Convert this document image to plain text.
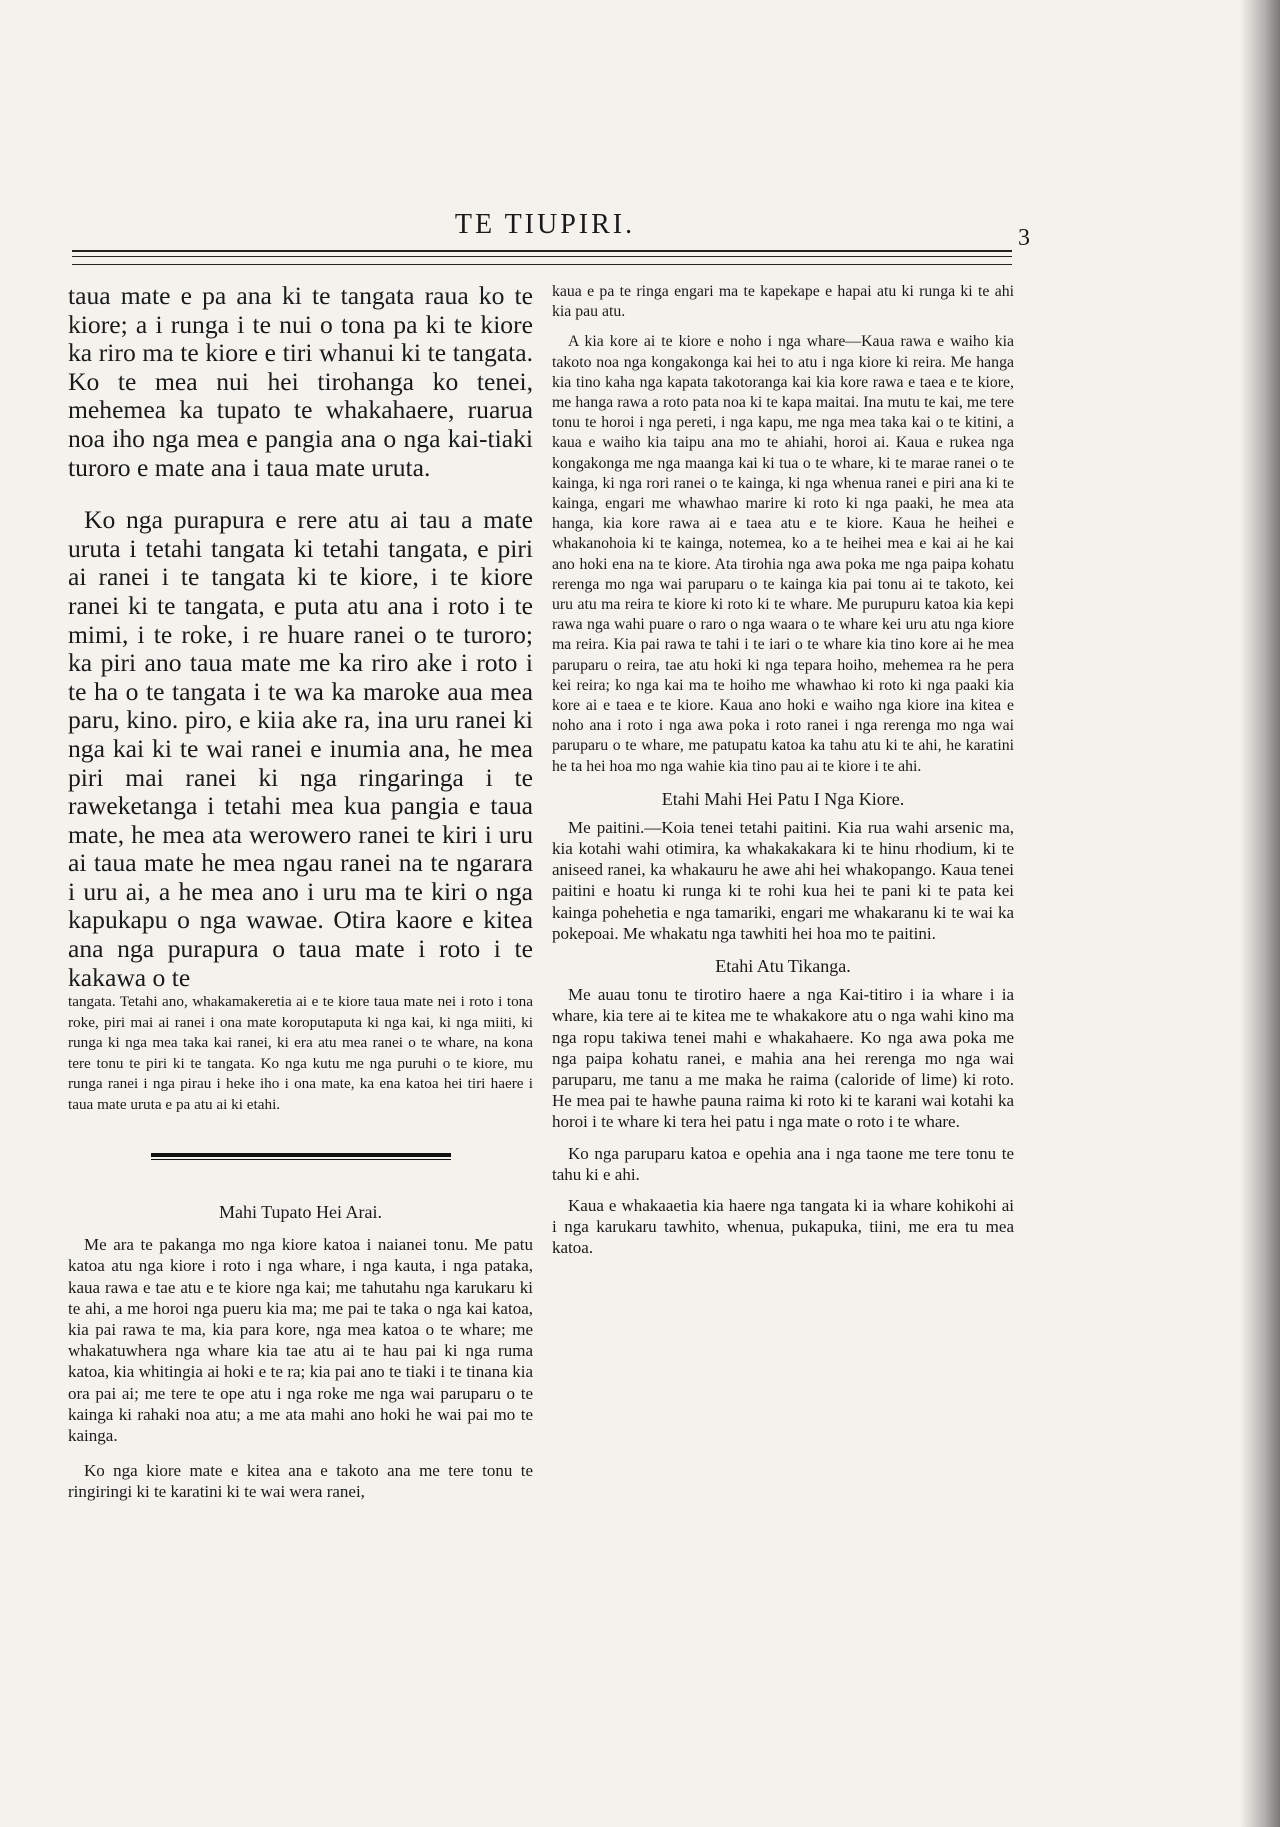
TE TIUPIRI.	3

taua mate e pa ana ki te tangata raua ko te kiore; a i runga i te nui o tona pa ki te kiore ka riro ma te kiore e tiri whanui ki te tangata. Ko te mea nui hei tirohanga ko tenei, mehemea ka tupato te whakahaere, ruarua noa iho nga mea e pangia ana o nga kai-tiaki turoro e mate ana i taua mate uruta.

Ko nga purapura e rere atu ai tau a mate uruta i tetahi tangata ki tetahi tangata, e piri ai ranei i te tangata ki te kiore, i te kiore ranei ki te tangata, e puta atu ana i roto i te mimi, i te roke, i re huare ranei o te turoro; ka piri ano taua mate me ka riro ake i roto i te ha o te tangata i te wa ka maroke aua mea paru, kino. piro, e kiia ake ra, ina uru ranei ki nga kai ki te wai ranei e inumia ana, he mea piri mai ranei ki nga ringaringa i te raweketanga i tetahi mea kua pangia e taua mate, he mea ata werowero ranei te kiri i uru ai taua mate he mea ngau ranei na te ngarara i uru ai, a he mea ano i uru ma te kiri o nga kapukapu o nga wawae. Otira kaore e kitea ana nga purapura o taua mate i roto i te kakawa o te

tangata. Tetahi ano, whakamakeretia ai e te kiore taua mate nei i roto i tona roke, piri mai ai ranei i ona mate koroputaputa ki nga kai, ki nga miiti, ki runga ki nga mea taka kai ranei, ki era atu mea ranei o te whare, na kona tere tonu te piri ki te tangata. Ko nga kutu me nga puruhi o te kiore, mu runga ranei i nga pirau i heke iho i ona mate, ka ena katoa hei tiri haere i taua mate uruta e pa atu ai ki etahi.

Mahi Tupato Hei Arai.

Me ara te pakanga mo nga kiore katoa i naianei tonu. Me patu katoa atu nga kiore i roto i nga whare, i nga kauta, i nga pataka, kaua rawa e tae atu e te kiore nga kai; me tahutahu nga karukaru ki te ahi, a me horoi nga pueru kia ma; me pai te taka o nga kai katoa, kia pai rawa te ma, kia para kore, nga mea katoa o te whare; me whakatuwhera nga whare kia tae atu ai te hau pai ki nga ruma katoa, kia whitingia ai hoki e te ra; kia pai ano te tiaki i te tinana kia ora pai ai; me tere te ope atu i nga roke me nga wai paruparu o te kainga ki rahaki noa atu; a me ata mahi ano hoki he wai pai mo te kainga.

Ko nga kiore mate e kitea ana e takoto ana me tere tonu te ringiringi ki te karatini ki te wai wera ranei,

kaua e pa te ringa engari ma te kapekape e hapai atu ki runga ki te ahi kia pau atu.

A kia kore ai te kiore e noho i nga whare—Kaua rawa e waiho kia takoto noa nga kongakonga kai hei to atu i nga kiore ki reira. Me hanga kia tino kaha nga kapata takotoranga kai kia kore rawa e taea e te kiore, me hanga rawa a roto pata noa ki te kapa maitai. Ina mutu te kai, me tere tonu te horoi i nga pereti, i nga kapu, me nga mea taka kai o te kitini, a kaua e waiho kia taipu ana mo te ahiahi, horoi ai. Kaua e rukea nga kongakonga me nga maanga kai ki tua o te whare, ki te marae ranei o te kainga, ki nga rori ranei o te kainga, ki nga whenua ranei e piri ana ki te kainga, engari me whawhao marire ki roto ki nga paaki, he mea ata hanga, kia kore rawa ai e taea atu e te kiore. Kaua he heihei e whakanohoia ki te kainga, notemea, ko a te heihei mea e kai ai he kai ano hoki ena na te kiore. Ata tirohia nga awa poka me nga paipa kohatu rerenga mo nga wai paruparu o te kainga kia pai tonu ai te takoto, kei uru atu ma reira te kiore ki roto ki te whare. Me purupuru katoa kia kepi rawa nga wahi puare o raro o nga waara o te whare kei uru atu nga kiore ma reira. Kia pai rawa te tahi i te iari o te whare kia tino kore ai he mea paruparu o reira, tae atu hoki ki nga tepara hoiho, mehemea ra he pera kei reira; ko nga kai ma te hoiho me whawhao ki roto ki nga paaki kia kore ai e taea e te kiore. Kaua ano hoki e waiho nga kiore ina kitea e noho ana i roto i nga awa poka i roto ranei i nga rerenga mo nga wai paruparu o te whare, me patupatu katoa ka tahu atu ki te ahi, he karatini he ta hei hoa mo nga wahie kia tino pau ai te kiore i te ahi.

Etahi Mahi Hei Patu I Nga Kiore.

Me paitini.—Koia tenei tetahi paitini. Kia rua wahi arsenic ma, kia kotahi wahi otimira, ka whakakakara ki te hinu rhodium, ki te aniseed ranei, ka whakauru he awe ahi hei whakopango. Kaua tenei paitini e hoatu ki runga ki te rohi kua hei te pani ki te pata kei kainga pohehetia e nga tamariki, engari me whakaranu ki te wai ka pokepoai. Me whakatu nga tawhiti hei hoa mo te paitini.

Etahi Atu Tikanga.

Me auau tonu te tirotiro haere a nga Kai-titiro i ia whare i ia whare, kia tere ai te kitea me te whakakore atu o nga wahi kino ma nga ropu takiwa tenei mahi e whakahaere. Ko nga awa poka me nga paipa kohatu ranei, e mahia ana hei rerenga mo nga wai paruparu, me tanu a me maka he raima (caloride of lime) ki roto. He mea pai te hawhe pauna raima ki roto ki te karani wai kotahi ka horoi i te whare ki tera hei patu i nga mate o roto i te whare.

Ko nga paruparu katoa e opehia ana i nga taone me tere tonu te tahu ki e ahi.

Kaua e whakaaetia kia haere nga tangata ki ia whare kohikohi ai i nga karukaru tawhito, whenua, pukapuka, tiini, me era tu mea katoa.
